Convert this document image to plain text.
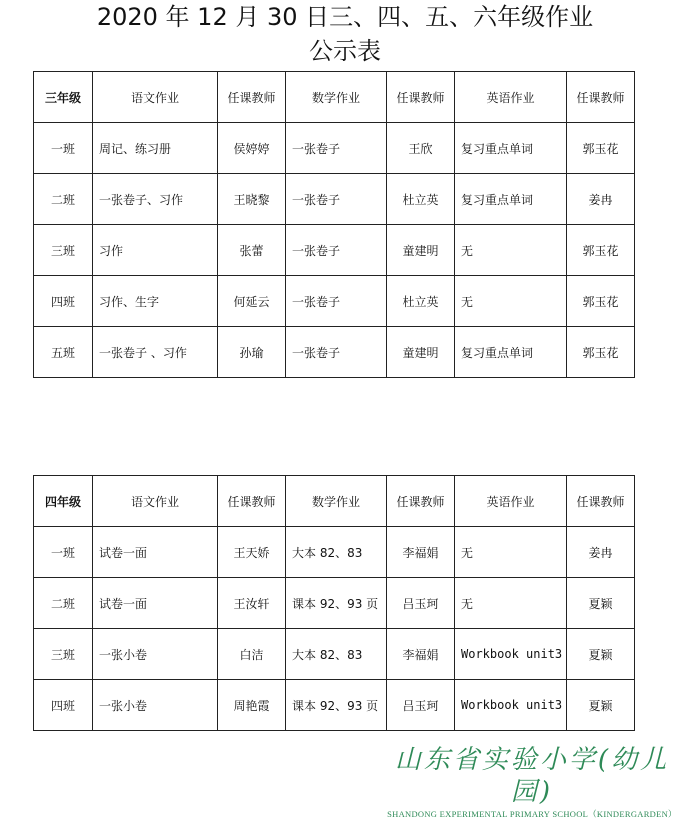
2020 年 12 月 30 日三、四、五、六年级作业
公示表
三年级	语文作业	任课教师	数学作业	任课教师	英语作业	任课教师
一班	周记、练习册	侯婷婷	一张卷子	王欣	复习重点单词	郭玉花
二班	一张卷子、习作	王晓黎	一张卷子	杜立英	复习重点单词	姜冉
三班	习作	张蕾	一张卷子	童建明	无	郭玉花
四班	习作、生字	何延云	一张卷子	杜立英	无	郭玉花
五班	一张卷子 、习作	孙瑜	一张卷子	童建明	复习重点单词	郭玉花
四年级	语文作业	任课教师	数学作业	任课教师	英语作业	任课教师
一班	试卷一面	王天娇	大本 82、83	李福娟	无	姜冉
二班	试卷一面	王汝轩	课本 92、93 页	吕玉珂	无	夏颖
三班	一张小卷	白洁	大本 82、83	李福娟	Workbook unit3	夏颖
四班	一张小卷	周艳霞	课本 92、93 页	吕玉珂	Workbook unit3	夏颖
山东省实验小学(幼儿园)
SHANDONG EXPERIMENTAL PRIMARY SCHOOL（KINDERGARDEN）
